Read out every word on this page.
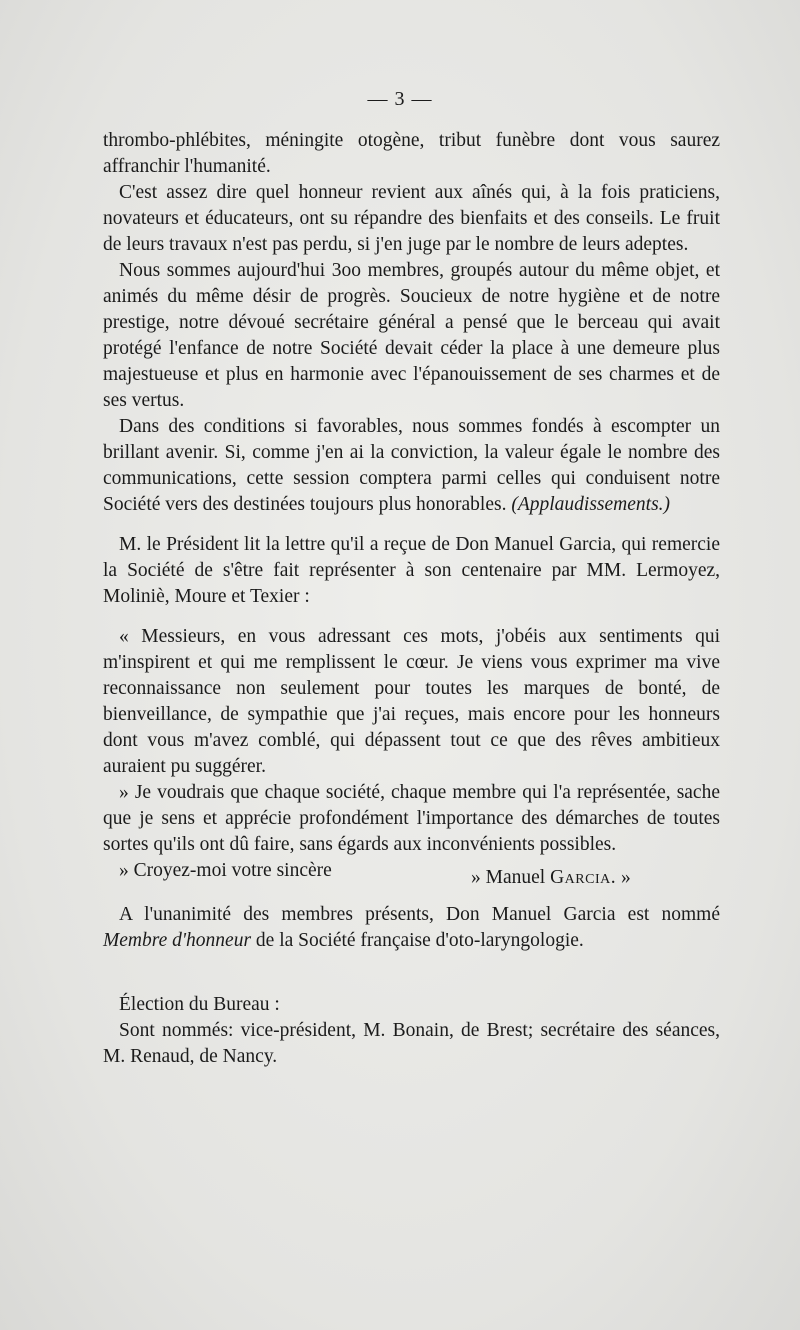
— 3 —

thrombo-phlébites, méningite otogène, tribut funèbre dont vous saurez affranchir l'humanité.

C'est assez dire quel honneur revient aux aînés qui, à la fois praticiens, novateurs et éducateurs, ont su répandre des bienfaits et des conseils. Le fruit de leurs travaux n'est pas perdu, si j'en juge par le nombre de leurs adeptes.

Nous sommes aujourd'hui 3oo membres, groupés autour du même objet, et animés du même désir de progrès. Soucieux de notre hygiène et de notre prestige, notre dévoué secrétaire général a pensé que le berceau qui avait protégé l'enfance de notre Société devait céder la place à une demeure plus majestueuse et plus en harmonie avec l'épanouissement de ses charmes et de ses vertus.

Dans des conditions si favorables, nous sommes fondés à escompter un brillant avenir. Si, comme j'en ai la conviction, la valeur égale le nombre des communications, cette session comptera parmi celles qui conduisent notre Société vers des destinées toujours plus honorables. (Applaudissements.)

M. le Président lit la lettre qu'il a reçue de Don Manuel Garcia, qui remercie la Société de s'être fait représenter à son centenaire par MM. Lermoyez, Moliniè, Moure et Texier :

« Messieurs, en vous adressant ces mots, j'obéis aux sentiments qui m'inspirent et qui me remplissent le cœur. Je viens vous exprimer ma vive reconnaissance non seulement pour toutes les marques de bonté, de bienveillance, de sympathie que j'ai reçues, mais encore pour les honneurs dont vous m'avez comblé, qui dépassent tout ce que des rêves ambitieux auraient pu suggérer.

» Je voudrais que chaque société, chaque membre qui l'a représentée, sache que je sens et apprécie profondément l'importance des démarches de toutes sortes qu'ils ont dû faire, sans égards aux inconvénients possibles.

» Croyez-moi votre sincère	» Manuel Garcia. »

A l'unanimité des membres présents, Don Manuel Garcia est nommé Membre d'honneur de la Société française d'oto-laryngologie.

Élection du Bureau :

Sont nommés: vice-président, M. Bonain, de Brest; secrétaire des séances, M. Renaud, de Nancy.
